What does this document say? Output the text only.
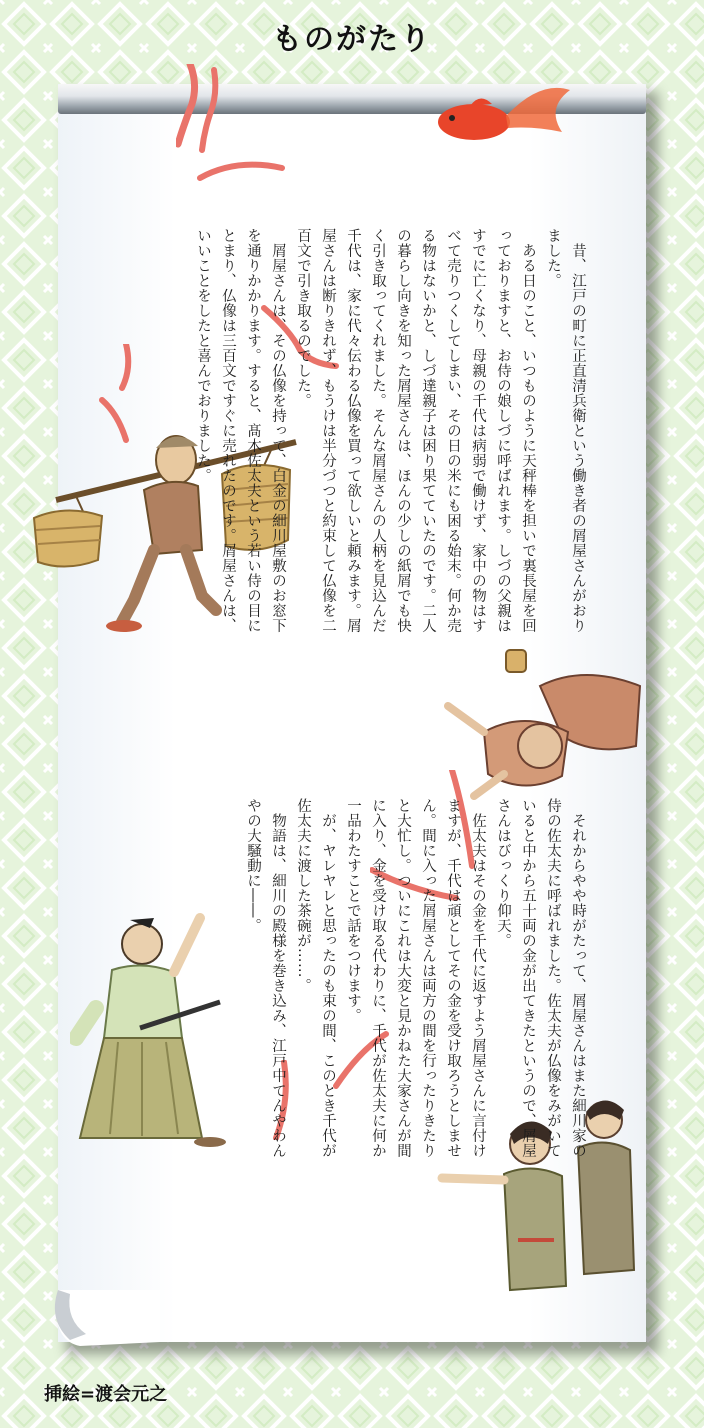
ものがたり

昔、江戸の町に正直清兵衛という働き者の屑屋さんがおりました。

ある日のこと、いつものように天秤棒を担いで裏長屋を回っておりますと、お侍の娘しづに呼ばれます。しづの父親はすでに亡くなり、母親の千代は病弱で働けず、家中の物はすべて売りつくしてしまい、その日の米にも困る始末。何か売る物はないかと、しづ達親子は困り果てていたのです。二人の暮らし向きを知った屑屋さんは、ほんの少しの紙屑でも快く引き取ってくれました。そんな屑屋さんの人柄を見込んだ千代は、家に代々伝わる仏像を買って欲しいと頼みます。屑屋さんは断りきれず、もうけは半分づつと約束して仏像を二百文で引き取るのでした。

屑屋さんは、その仏像を持って、白金の細川屋敷のお窓下を通りかかります。すると、髙木佐太夫という若い侍の目にとまり、仏像は三百文ですぐに売れたのです。屑屋さんは、いいことをしたと喜んでおりました。

それからやや時がたって、屑屋さんはまた細川家の侍の佐太夫に呼ばれました。佐太夫が仏像をみがいていると中から五十両の金が出てきたというので、屑屋さんはびっくり仰天。

佐太夫はその金を千代に返すよう屑屋さんに言付けますが、千代は頑としてその金を受け取ろうとしません。間に入った屑屋さんは両方の間を行ったりきたりと大忙し。ついにこれは大変と見かねた大家さんが間に入り、金を受け取る代わりに、千代が佐太夫に何か一品わたすことで話をつけます。

が、ヤレヤレと思ったのも束の間、このとき千代が佐太夫に渡した茶碗が……。

物語は、細川の殿様を巻き込み、江戸中てんやわんやの大騒動に――。

挿絵=渡会元之
